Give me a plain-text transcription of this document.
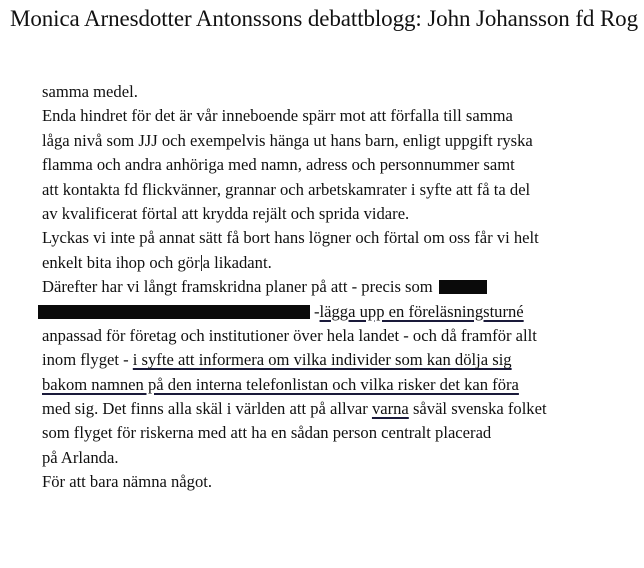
Monica Arnesdotter Antonssons debattblogg: John Johansson fd Rog
samma medel.
Enda hindret för det är vår inneboende spärr mot att förfalla till samma
låga nivå som JJJ och exempelvis hänga ut hans barn, enligt uppgift ryska
flamma och andra anhöriga med namn, adress och personnummer samt
att kontakta fd flickvänner, grannar och arbetskamrater i syfte att få ta del
av kvalificerat förtal att krydda rejält och sprida vidare.
Lyckas vi inte på annat sätt få bort hans lögner och förtal om oss får vi helt
enkelt bita ihop och gör a likadant.
Därefter har vi långt framskridna planer på att - precis som
-lägga upp en föreläsningsturné
anpassad för företag och institutioner över hela landet - och då framför allt
inom flyget - i syfte att informera om vilka individer som kan dölja sig
bakom namnen på den interna telefonlistan och vilka risker det kan föra
med sig. Det finns alla skäl i världen att på allvar varna såväl svenska folket
som flyget för riskerna med att ha en sådan person centralt placerad
på Arlanda.
För att bara nämna något.
